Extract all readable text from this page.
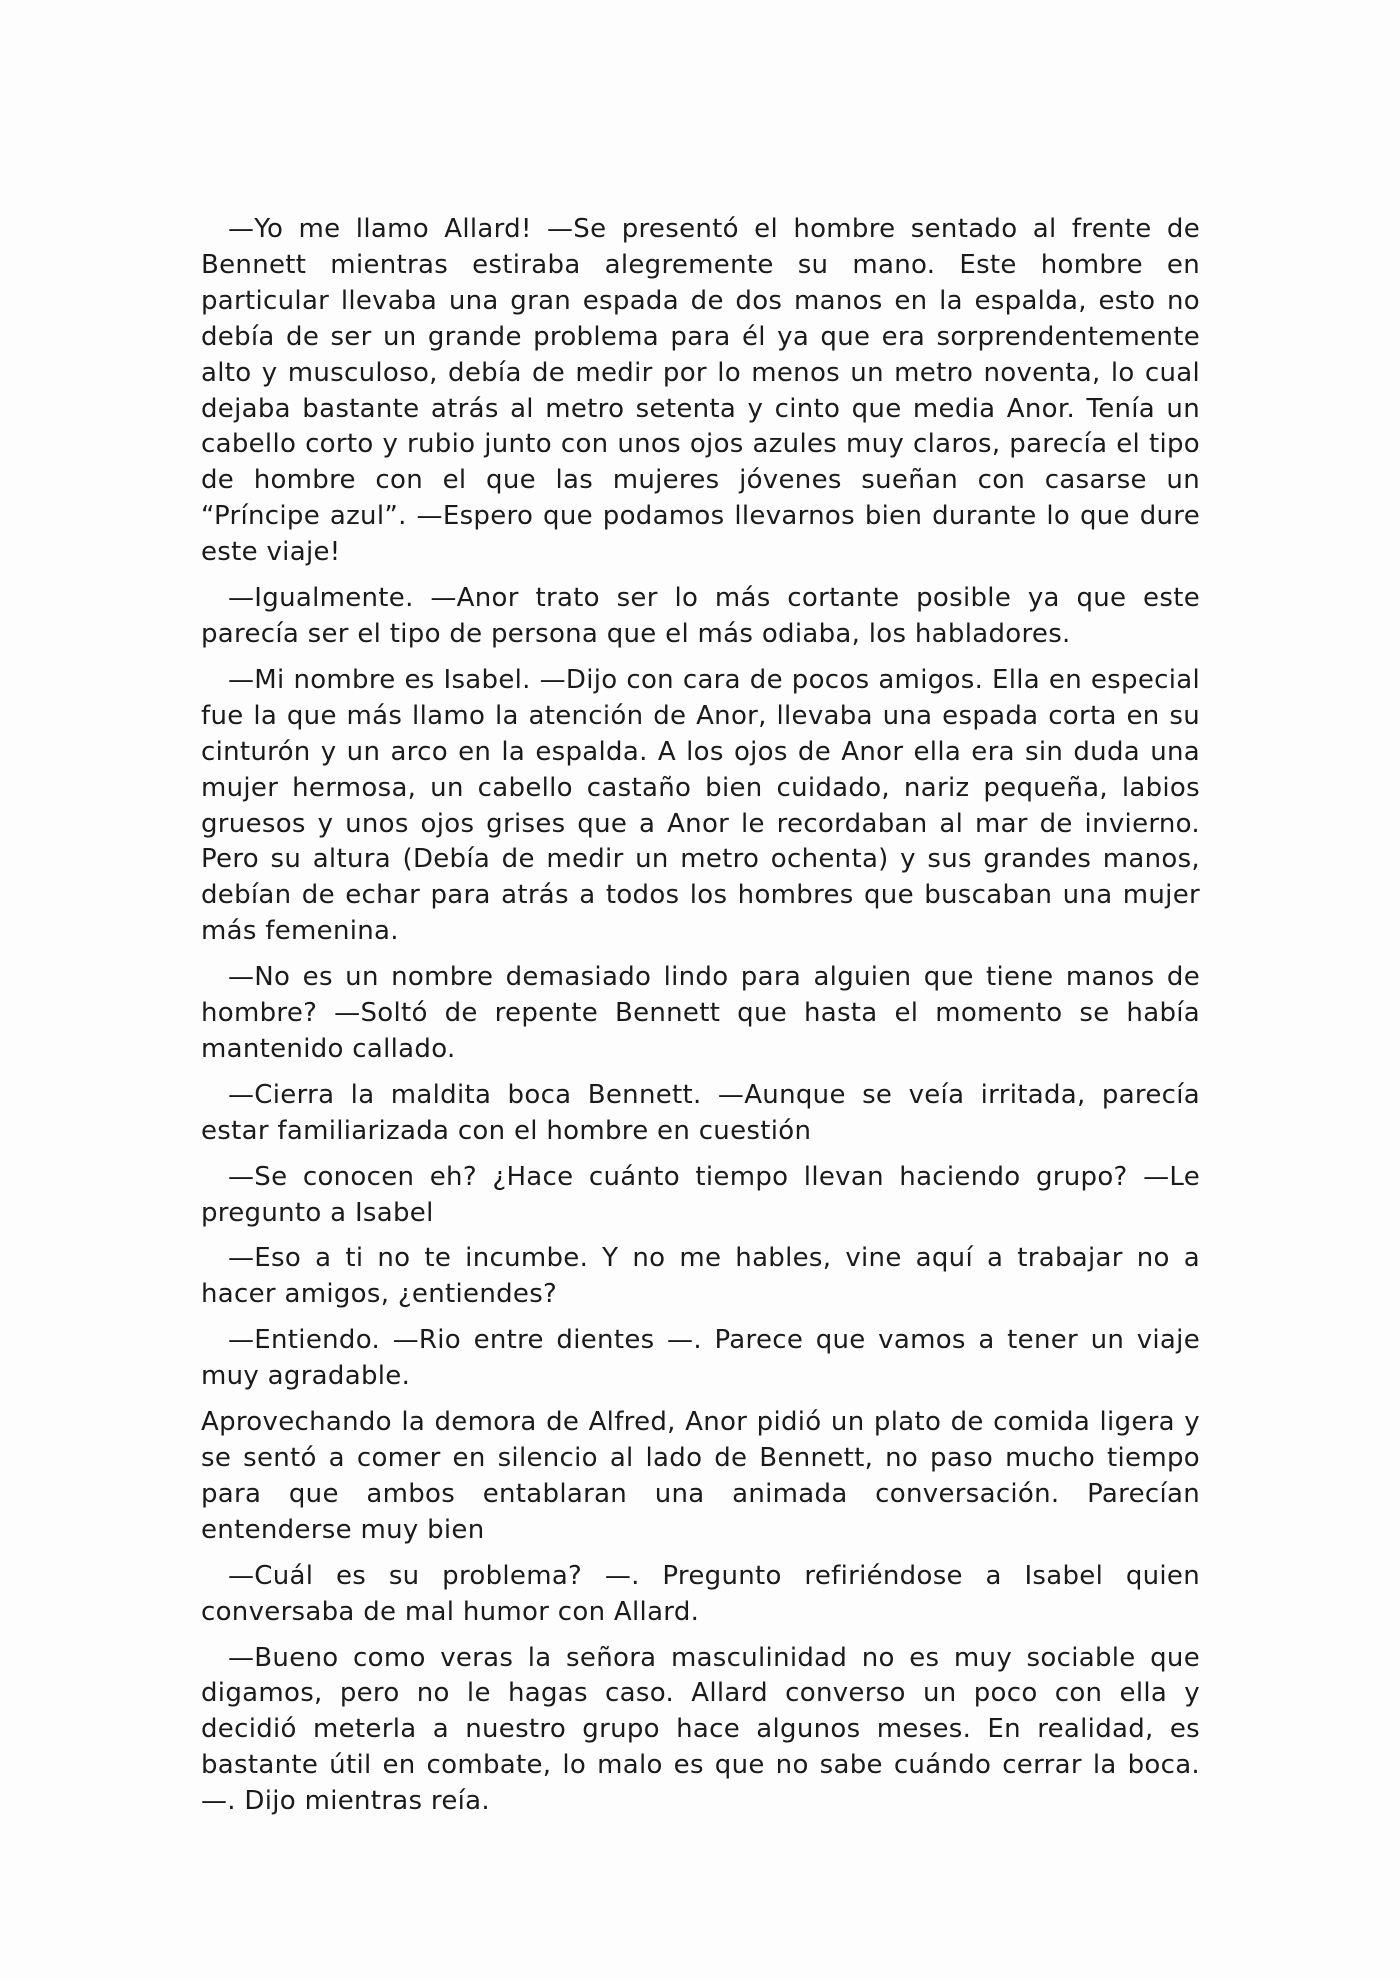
—Yo me llamo Allard! —Se presentó el hombre sentado al frente de Bennett mientras estiraba alegremente su mano. Este hombre en particular llevaba una gran espada de dos manos en la espalda, esto no debía de ser un grande problema para él ya que era sorprendentemente alto y musculoso, debía de medir por lo menos un metro noventa, lo cual dejaba bastante atrás al metro setenta y cinto que media Anor. Tenía un cabello corto y rubio junto con unos ojos azules muy claros, parecía el tipo de hombre con el que las mujeres jóvenes sueñan con casarse un “Príncipe azul”. —Espero que podamos llevarnos bien durante lo que dure este viaje!

—Igualmente. —Anor trato ser lo más cortante posible ya que este parecía ser el tipo de persona que el más odiaba, los habladores.

—Mi nombre es Isabel. —Dijo con cara de pocos amigos. Ella en especial fue la que más llamo la atención de Anor, llevaba una espada corta en su cinturón y un arco en la espalda. A los ojos de Anor ella era sin duda una mujer hermosa, un cabello castaño bien cuidado, nariz pequeña, labios gruesos y unos ojos grises que a Anor le recordaban al mar de invierno. Pero su altura (Debía de medir un metro ochenta) y sus grandes manos, debían de echar para atrás a todos los hombres que buscaban una mujer más femenina.

—No es un nombre demasiado lindo para alguien que tiene manos de hombre? —Soltó de repente Bennett que hasta el momento se había mantenido callado.

—Cierra la maldita boca Bennett. —Aunque se veía irritada, parecía estar familiarizada con el hombre en cuestión

—Se conocen eh? ¿Hace cuánto tiempo llevan haciendo grupo? —Le pregunto a Isabel

—Eso a ti no te incumbe. Y no me hables, vine aquí a trabajar no a hacer amigos, ¿entiendes?

—Entiendo. —Rio entre dientes —. Parece que vamos a tener un viaje muy agradable.

Aprovechando la demora de Alfred, Anor pidió un plato de comida ligera y se sentó a comer en silencio al lado de Bennett, no paso mucho tiempo para que ambos entablaran una animada conversación. Parecían entenderse muy bien

—Cuál es su problema? —. Pregunto refiriéndose a Isabel quien conversaba de mal humor con Allard.

—Bueno como veras la señora masculinidad no es muy sociable que digamos, pero no le hagas caso. Allard converso un poco con ella y decidió meterla a nuestro grupo hace algunos meses. En realidad, es bastante útil en combate, lo malo es que no sabe cuándo cerrar la boca. —. Dijo mientras reía.
